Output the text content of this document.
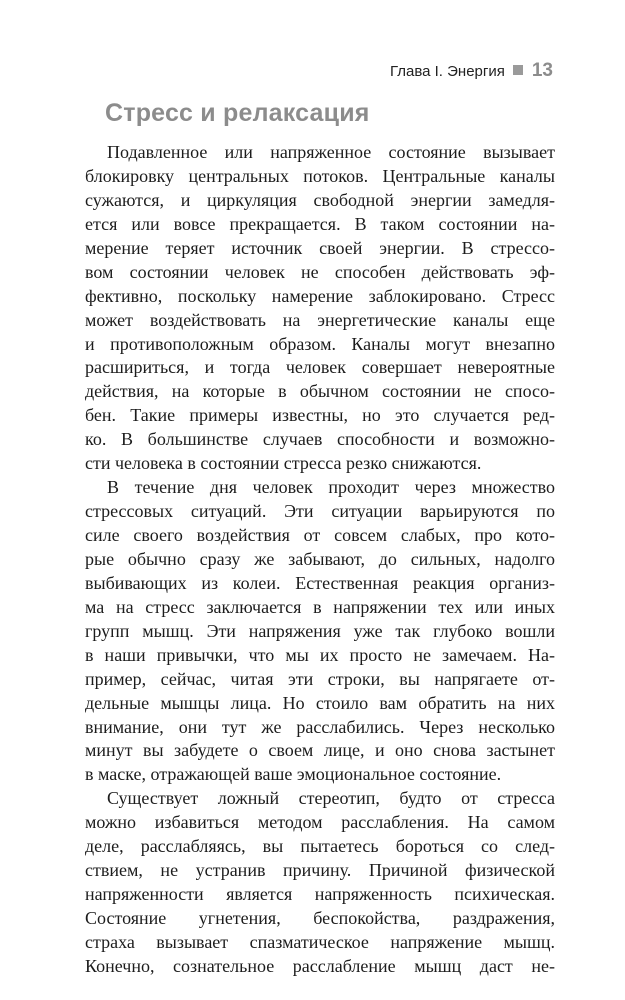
Глава I. Энергия 13
Стресс и релаксация
Подавленное или напряженное состояние вызывает
блокировку центральных потоков. Центральные каналы
сужаются, и циркуляция свободной энергии замедля-
ется или вовсе прекращается. В таком состоянии на-
мерение теряет источник своей энергии. В стрессо-
вом состоянии человек не способен действовать эф-
фективно, поскольку намерение заблокировано. Стресс
может воздействовать на энергетические каналы еще
и противоположным образом. Каналы могут внезапно
расшириться, и тогда человек совершает невероятные
действия, на которые в обычном состоянии не спосо-
бен. Такие примеры известны, но это случается ред-
ко. В большинстве случаев способности и возможно-
сти человека в состоянии стресса резко снижаются.
В течение дня человек проходит через множество
стрессовых ситуаций. Эти ситуации варьируются по
силе своего воздействия от совсем слабых, про кото-
рые обычно сразу же забывают, до сильных, надолго
выбивающих из колеи. Естественная реакция организ-
ма на стресс заключается в напряжении тех или иных
групп мышц. Эти напряжения уже так глубоко вошли
в наши привычки, что мы их просто не замечаем. На-
пример, сейчас, читая эти строки, вы напрягаете от-
дельные мышцы лица. Но стоило вам обратить на них
внимание, они тут же расслабились. Через несколько
минут вы забудете о своем лице, и оно снова застынет
в маске, отражающей ваше эмоциональное состояние.
Существует ложный стереотип, будто от стресса
можно избавиться методом расслабления. На самом
деле, расслабляясь, вы пытаетесь бороться со след-
ствием, не устранив причину. Причиной физической
напряженности является напряженность психическая.
Состояние угнетения, беспокойства, раздражения,
страха вызывает спазматическое напряжение мышц.
Конечно, сознательное расслабление мышц даст не-
